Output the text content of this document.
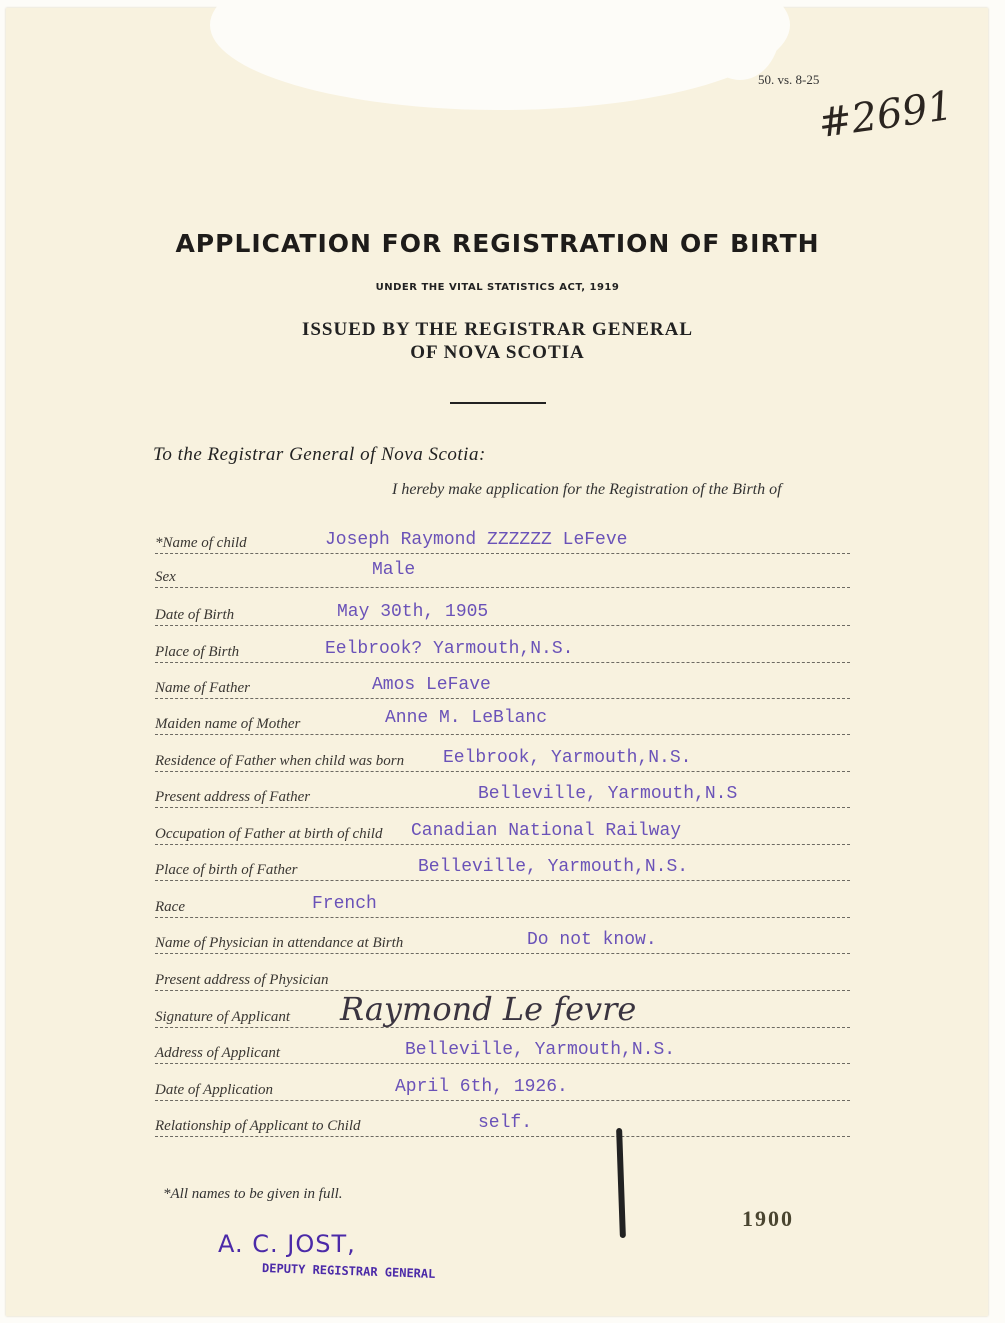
50. vs. 8-25
#2691
APPLICATION FOR REGISTRATION OF BIRTH
UNDER THE VITAL STATISTICS ACT, 1919
ISSUED BY THE REGISTRAR GENERAL
OF NOVA SCOTIA
To the Registrar General of Nova Scotia:
I hereby make application for the Registration of the Birth of
*Name of child	Joseph Raymond ZZZZZZ LeFeve
Sex	Male
Date of Birth	May 30th, 1905
Place of Birth	Eelbrook? Yarmouth,N.S.
Name of Father	Amos LeFave
Maiden name of Mother	Anne M. LeBlanc
Residence of Father when child was born Eelbrook, Yarmouth,N.S.
Present address of Father	Belleville, Yarmouth,N.S
Occupation of Father at birth of child Canadian National Railway
Place of birth of Father	Belleville, Yarmouth,N.S.
Race	French
Name of Physician in attendance at Birth	Do not know.
Present address of Physician
Signature of Applicant Raymond Le fevre
Address of Applicant	Belleville, Yarmouth,N.S.
Date of Application	April 6th, 1926.
Relationship of Applicant to Child	self.
*All names to be given in full.
1900
A. C. JOST,
DEPUTY REGISTRAR GENERAL
